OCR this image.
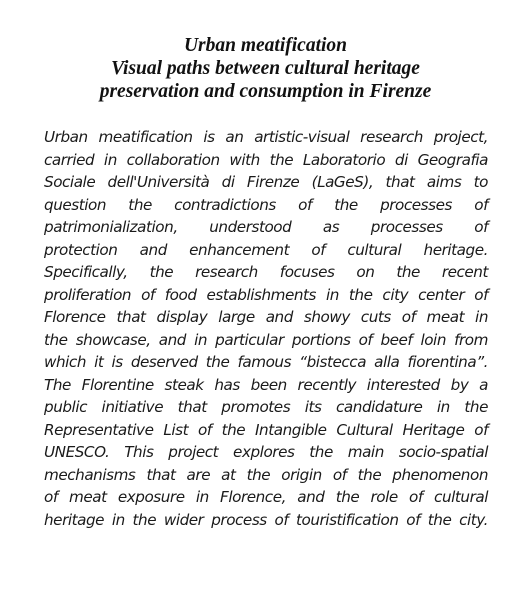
Urban meatification
Visual paths between cultural heritage
preservation and consumption in Firenze
Urban meatification is an artistic-visual research project,
carried in collaboration with the Laboratorio di Geografia
Sociale dell'Università di Firenze (LaGeS), that aims to
question the contradictions of the processes of
patrimonialization, understood as processes of
protection and enhancement of cultural heritage.
Specifically, the research focuses on the recent
proliferation of food establishments in the city center of
Florence that display large and showy cuts of meat in
the showcase, and in particular portions of beef loin from
which it is deserved the famous “bistecca alla fiorentina”.
The Florentine steak has been recently interested by a
public initiative that promotes its candidature in the
Representative List of the Intangible Cultural Heritage of
UNESCO. This project explores the main socio-spatial
mechanisms that are at the origin of the phenomenon
of meat exposure in Florence, and the role of cultural
heritage in the wider process of touristification of the city.
